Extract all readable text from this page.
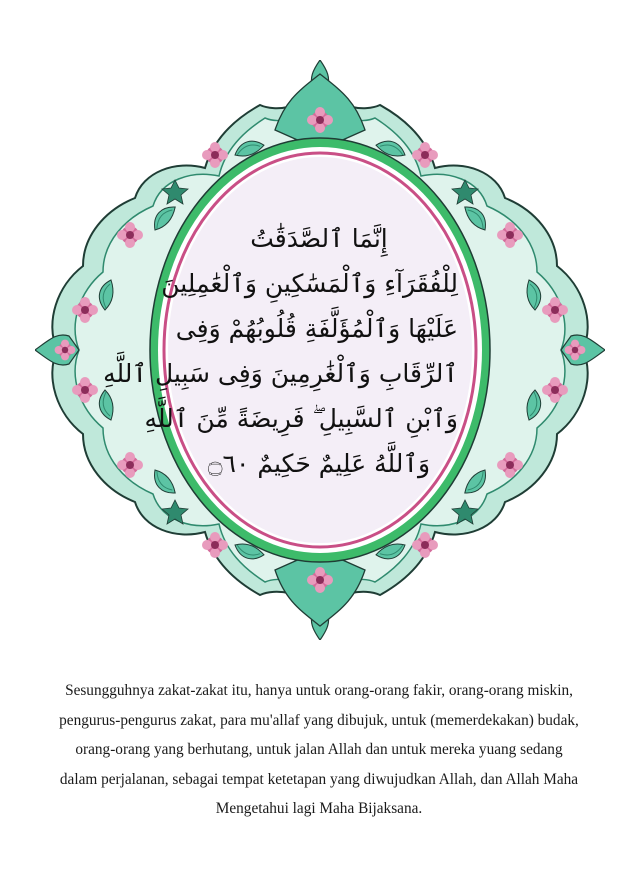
إِنَّمَا ٱلصَّدَقَٰتُ
لِلْفُقَرَآءِ وَٱلْمَسَٰكِينِ وَٱلْعَٰمِلِينَ
عَلَيْهَا وَٱلْمُؤَلَّفَةِ قُلُوبُهُمْ وَفِى
ٱلرِّقَابِ وَٱلْغَٰرِمِينَ وَفِى سَبِيلِ ٱللَّهِ
وَٱبْنِ ٱلسَّبِيلِ ۖ فَرِيضَةً مِّنَ ٱللَّهِ
وَٱللَّهُ عَلِيمٌ حَكِيمٌ ۝٦٠
Sesungguhnya zakat-zakat itu, hanya untuk orang-orang fakir, orang-orang miskin,
pengurus-pengurus zakat, para mu'allaf yang dibujuk, untuk (memerdekakan) budak,
orang-orang yang berhutang, untuk jalan Allah dan untuk mereka yuang sedang
dalam perjalanan, sebagai tempat ketetapan yang diwujudkan Allah, dan Allah Maha
Mengetahui lagi Maha Bijaksana.
